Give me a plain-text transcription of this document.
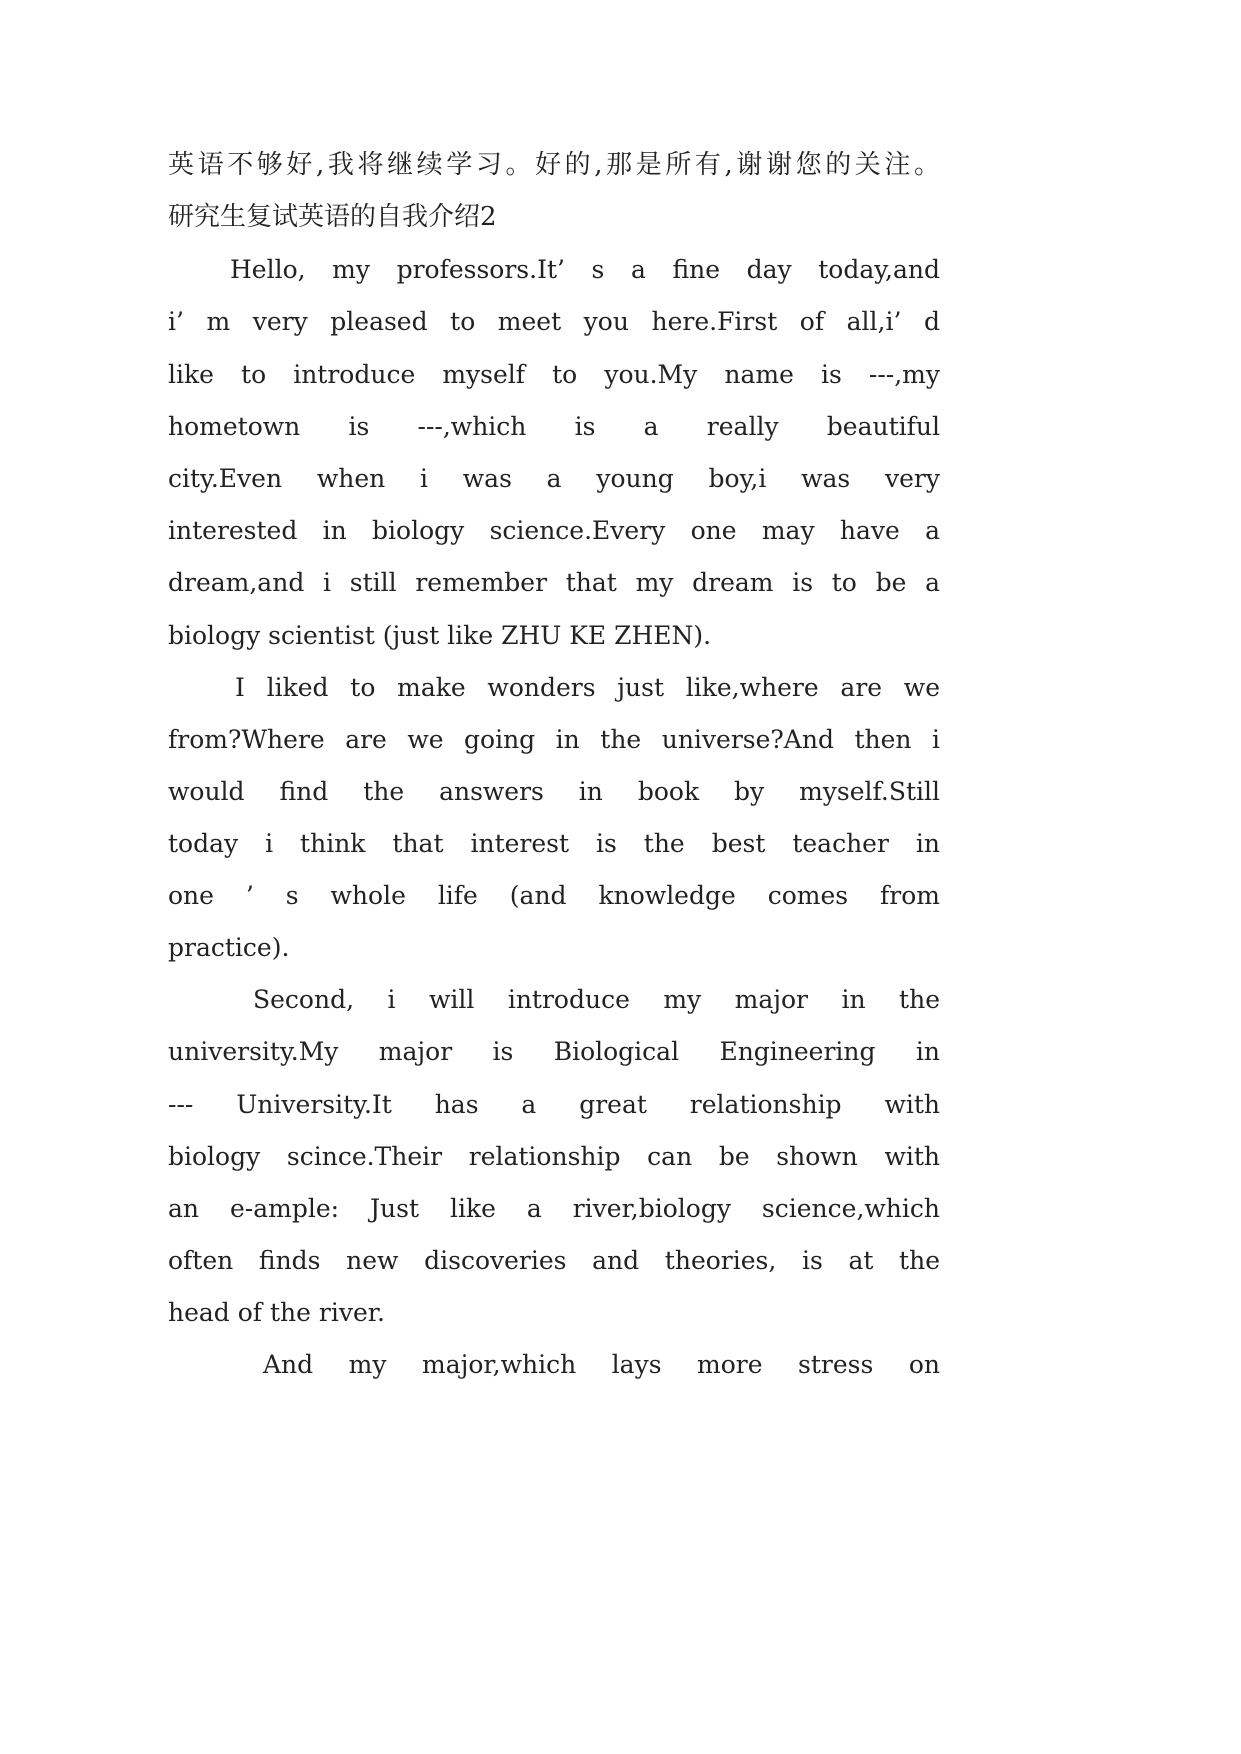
英语不够好,我将继续学习。好的,那是所有,谢谢您的关注。
研究生复试英语的自我介绍2
Hello, my professors.It’ s a fine day today,and
i’ m very pleased to meet you here.First of all,i’ d
like to introduce myself to you.My name is ---,my
hometown is ---,which is a really beautiful
city.Even when i was a young boy,i was very
interested in biology science.Every one may have a
dream,and i still remember that my dream is to be a
biology scientist (just like ZHU KE ZHEN).
I liked to make wonders just like,where are we
from?Where are we going in the universe?And then i
would find the answers in book by myself.Still
today i think that interest is the best teacher in
one ’ s whole life (and knowledge comes from
practice).
Second, i will introduce my major in the
university.My major is Biological Engineering in
--- University.It has a great relationship with
biology scince.Their relationship can be shown with
an e-ample: Just like a river,biology science,which
often finds new discoveries and theories, is at the
head of the river.
And my major,which lays more stress on
